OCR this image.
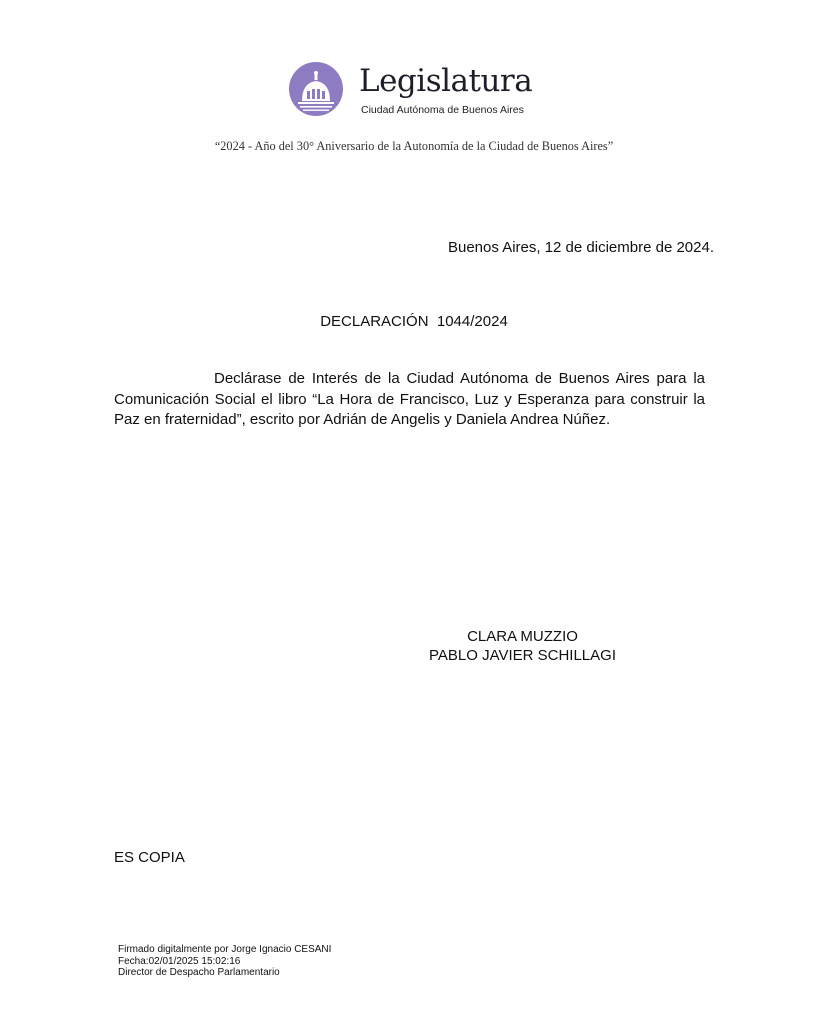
Legislatura
Ciudad Autónoma de Buenos Aires
“2024 - Año del 30° Aniversario de la Autonomía de la Ciudad de Buenos Aires”
Buenos Aires, 12 de diciembre de 2024.
DECLARACIÓN  1044/2024
Declárase de Interés de la Ciudad Autónoma de Buenos Aires para la Comunicación Social el libro “La Hora de Francisco, Luz y Esperanza para construir la Paz en fraternidad”, escrito por Adrián de Angelis y Daniela Andrea Núñez.
CLARA MUZZIO
PABLO JAVIER SCHILLAGI
ES COPIA
Firmado digitalmente por Jorge Ignacio CESANI
Fecha:02/01/2025 15:02:16
Director de Despacho Parlamentario
